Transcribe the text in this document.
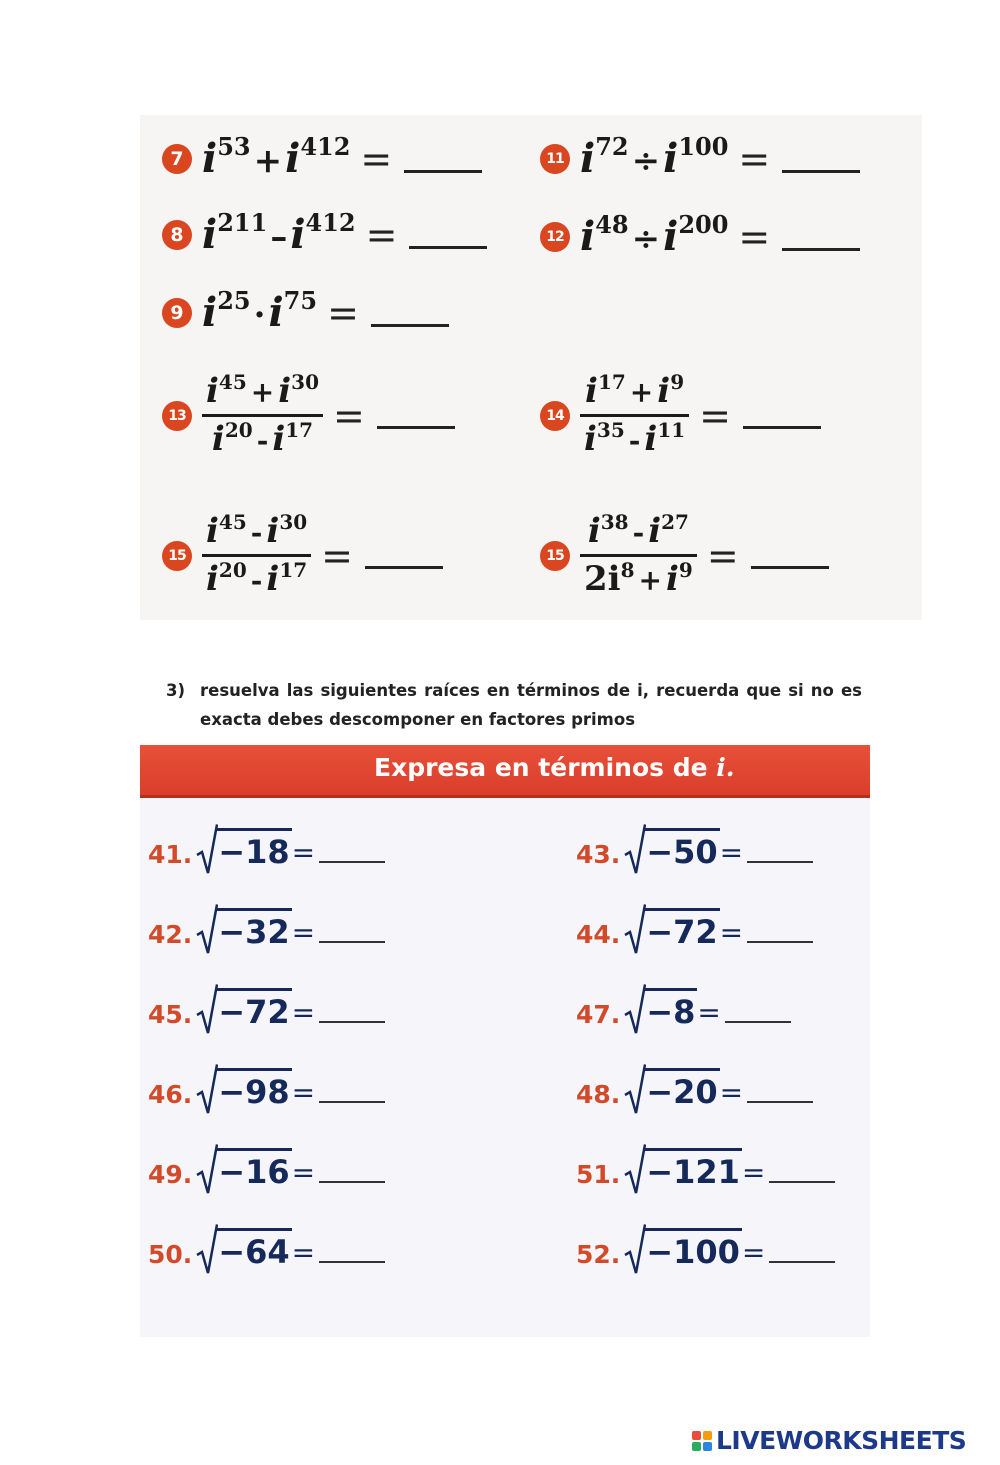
7 $i^{53}+i^{412}$ =	11 $i^{72}\div i^{100}$ =
8 $i^{211}-i^{412}$ =	12 $i^{48}\div i^{200}$ =
9 $i^{25}\cdot i^{75}$ =
$13 \frac{i^{45} + i^{30}}{i^{20} - i^{17}}$ =	$14 \frac{i^{17} + i^9}{i^{35} - i^{11}}$ =
$15 \frac{i^{45} - i^{30}}{i^{20} - i^{17}}$ =	$15 \frac{i^{38} - i^{27}}{2i^8 + i^9}$ =
3) resuelva las siguientes raíces en términos de i, recuerda que si no es
exacta debes descomponer en factores primos
Expresa en términos de i.
41. −18 =	43. −50 =
42. −32 =	44. −72 =
45. −72 =	47. −8 =
46. −98 =	48. −20 =
49. −16 =	51. −121 =
50. −64 =	52. −100 =
LIVEWORKSHEETS
